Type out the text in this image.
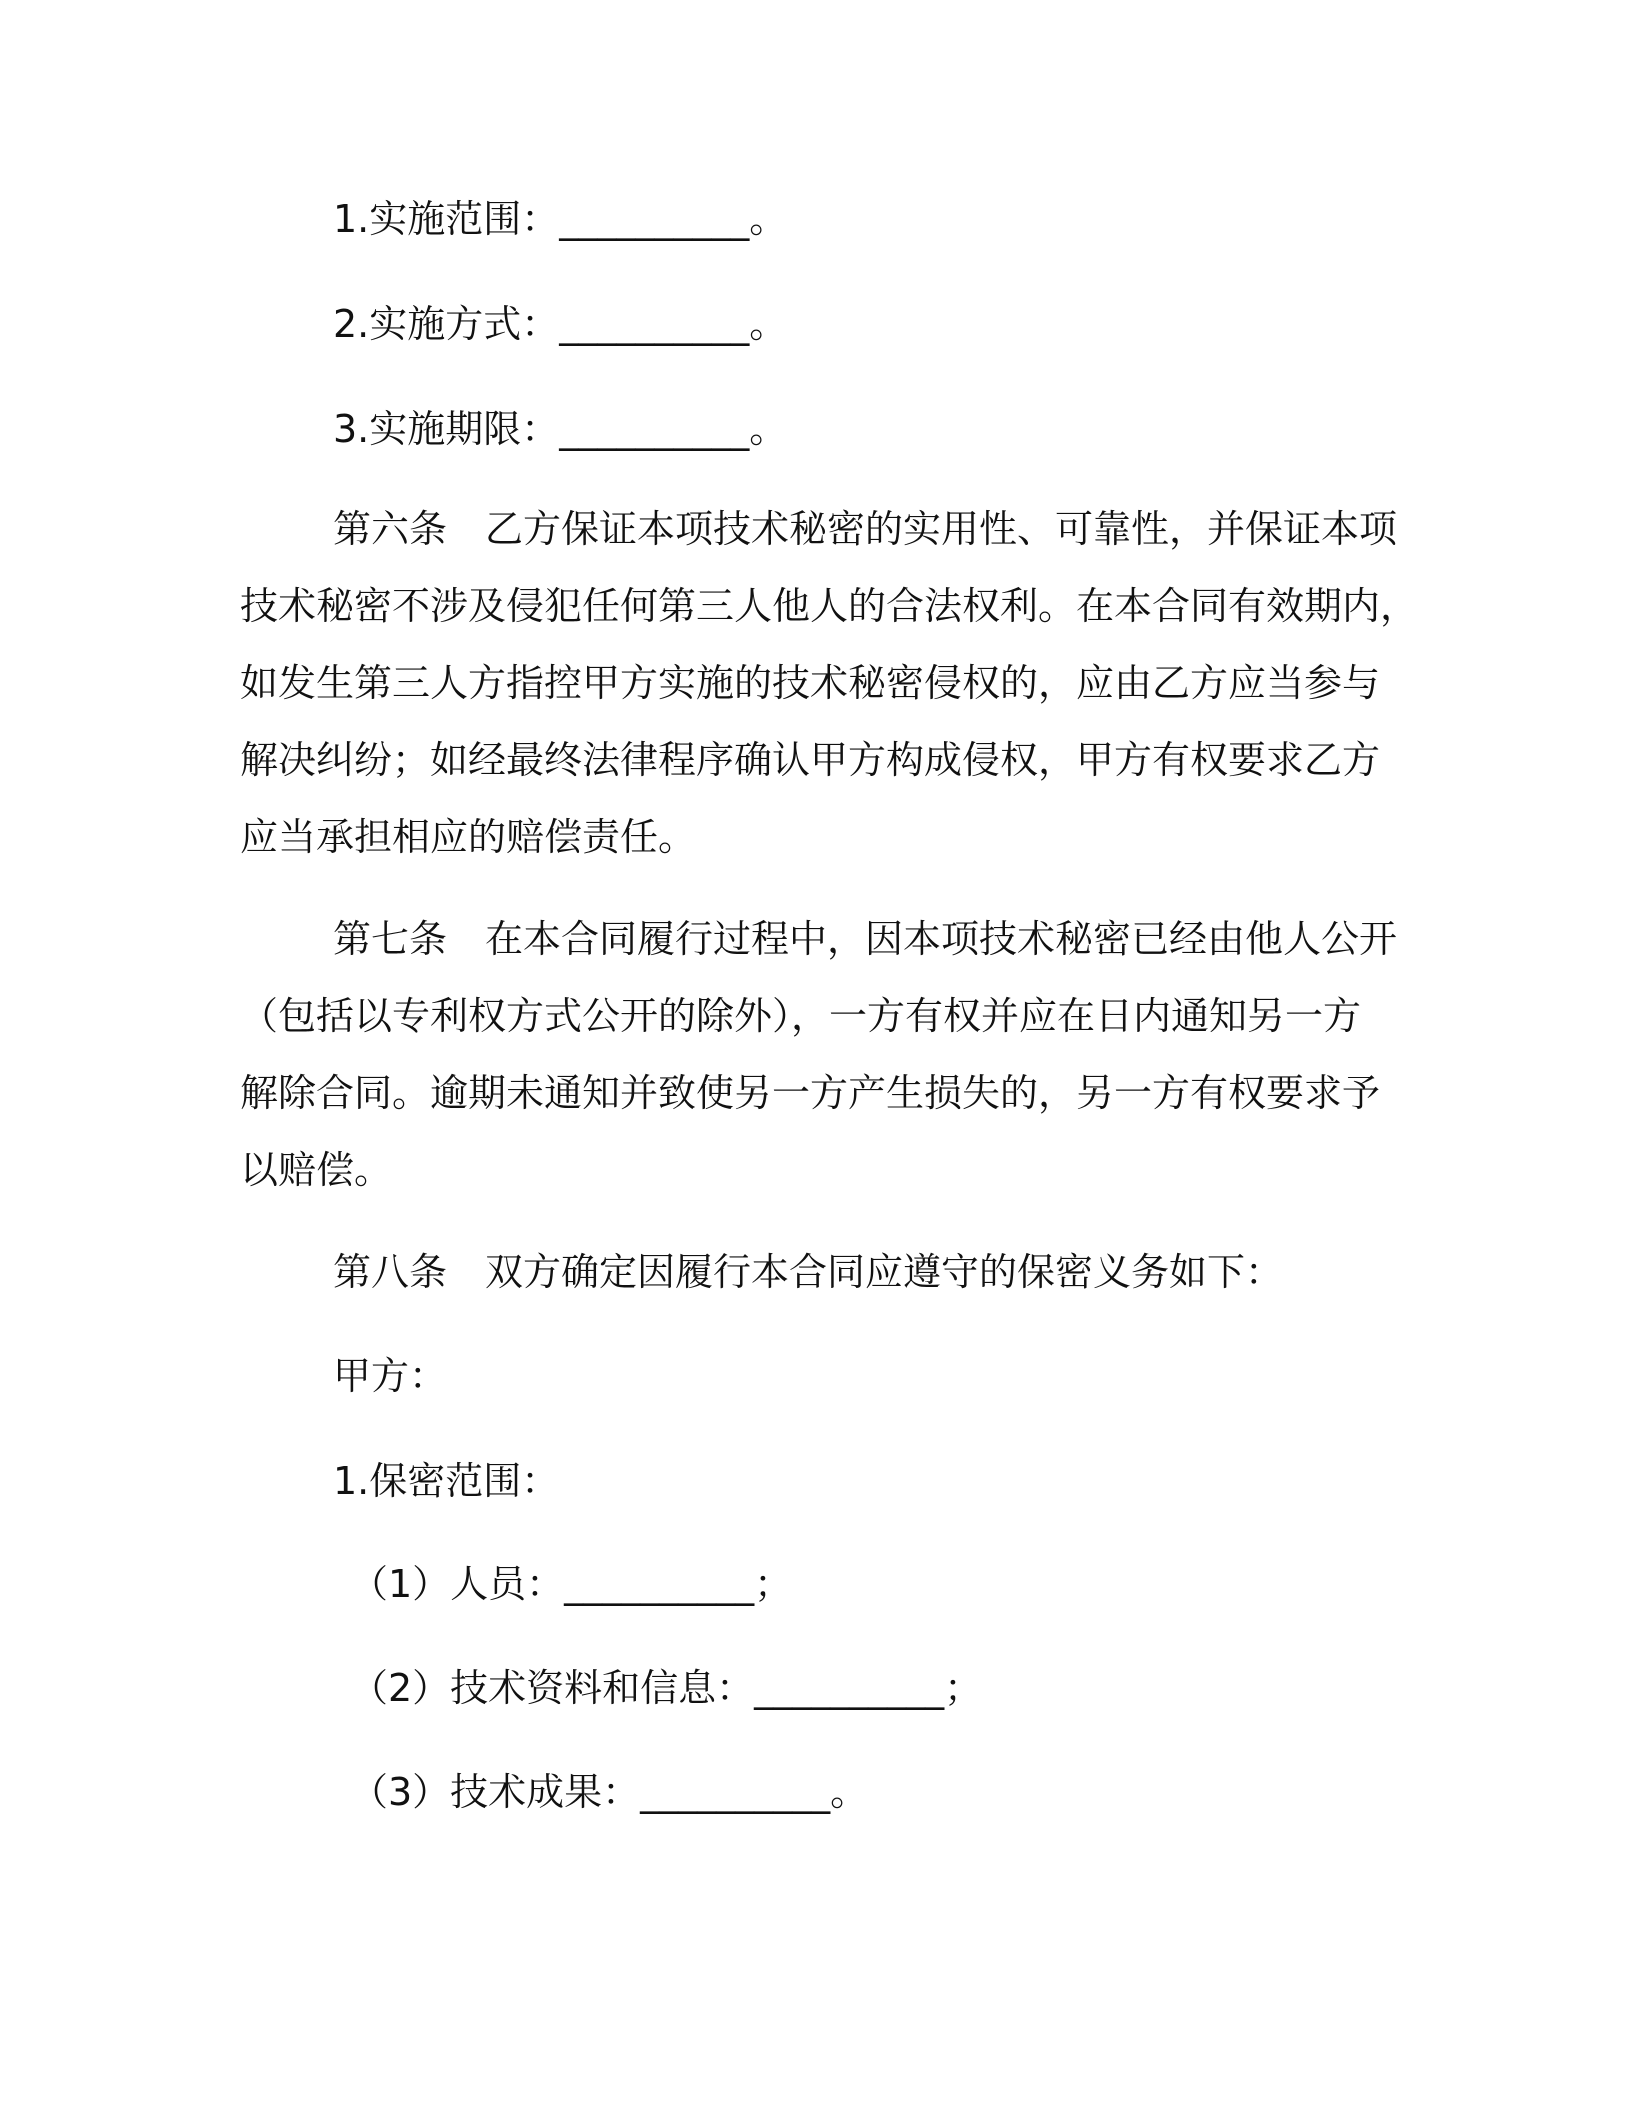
1.实施范围：__________。
2.实施方式：__________。
3.实施期限：__________。
第六条　乙方保证本项技术秘密的实用性、可靠性，并保证本项
技术秘密不涉及侵犯任何第三人他人的合法权利。在本合同有效期内，
如发生第三人方指控甲方实施的技术秘密侵权的，应由乙方应当参与
解决纠纷；如经最终法律程序确认甲方构成侵权，甲方有权要求乙方
应当承担相应的赔偿责任。
第七条　在本合同履行过程中，因本项技术秘密已经由他人公开
（包括以专利权方式公开的除外），一方有权并应在日内通知另一方
解除合同。逾期未通知并致使另一方产生损失的，另一方有权要求予
以赔偿。
第八条　双方确定因履行本合同应遵守的保密义务如下：
甲方：
1.保密范围：
（1）人员：__________；
（2）技术资料和信息：__________；
（3）技术成果：__________。
